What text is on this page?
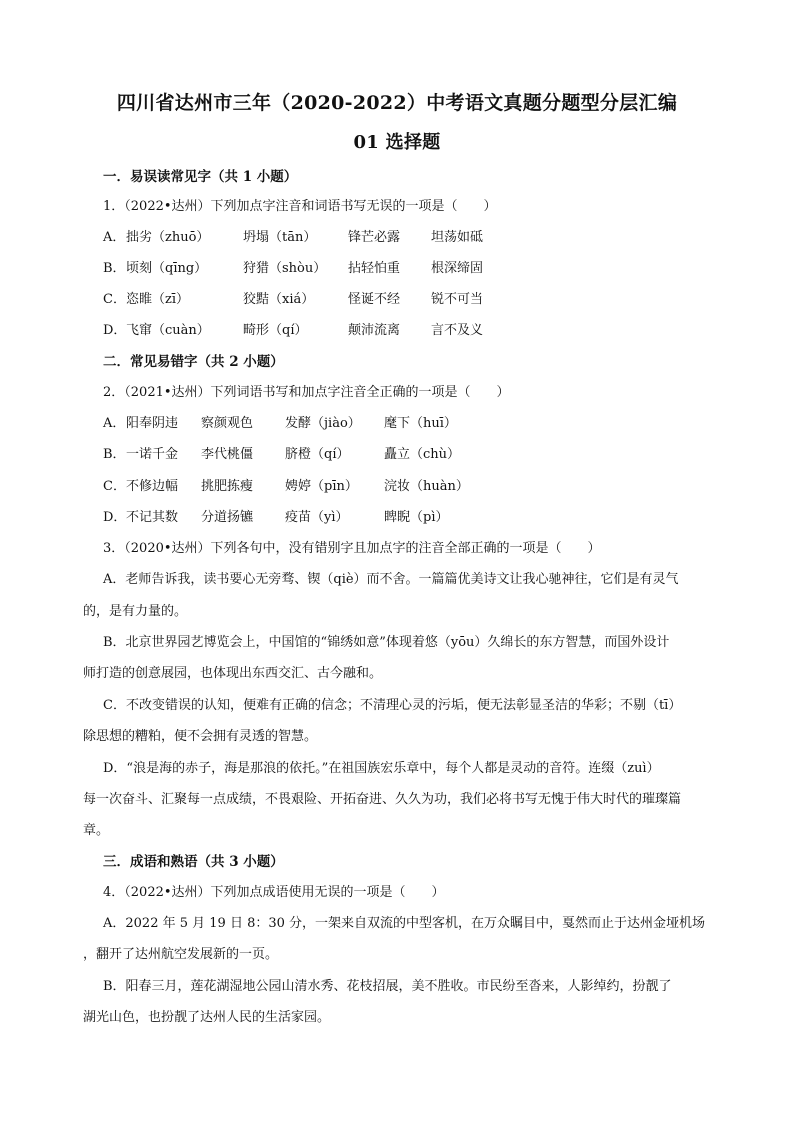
四川省达州市三年（2020-2022）中考语文真题分题型分层汇编
01 选择题
一．易误读常见字（共 1 小题）
1．（2022•达州）下列加点字注音和词语书写无误的一项是（　　）
A． 拙劣（zhuō）	坍塌（tān） 锋芒必露 坦荡如砥
B． 顷刻（qīng）	狩猎（shòu） 拈轻怕重 根深缔固
C． 恣睢（zī）	狡黠（xiá）	怪诞不经 锐不可当
D． 飞窜（cuàn）	畸形（qí）	颠沛流离 言不及义
二．常见易错字（共 2 小题）
2．（2021•达州）下列词语书写和加点字注音全正确的一项是（　　）
A． 阳奉阴违 察颜观色 发酵（jiào） 麾下（huī）
B． 一诺千金 李代桃僵 脐橙（qí）	矗立（chù）
C． 不修边幅 挑肥拣瘦 娉婷（pīn） 浣妆（huàn）
D． 不记其数 分道扬镳 疫苗（yì）	睥睨（pì）
3．（2020•达州）下列各句中，没有错别字且加点字的注音全部正确的一项是（　　）
A．老师告诉我，读书要心无旁骛、锲（qiè）而不舍。一篇篇优美诗文让我心驰神往，它们是有灵气
的，是有力量的。
B．北京世界园艺博览会上，中国馆的“锦绣如意”体现着悠（yōu）久绵长的东方智慧，而国外设计
师打造的创意展园，也体现出东西交汇、古今融和。
C．不改变错误的认知，便难有正确的信念；不清理心灵的污垢，便无法彰显圣洁的华彩；不剔（tī）
除思想的糟粕，便不会拥有灵透的智慧。
D．“浪是海的赤子，海是那浪的依托。”在祖国族宏乐章中，每个人都是灵动的音符。连缀（zuì）
每一次奋斗、汇聚每一点成绩，不畏艰险、开拓奋进、久久为功，我们必将书写无愧于伟大时代的璀璨篇
章。
三．成语和熟语（共 3 小题）
4．（2022•达州）下列加点成语使用无误的一项是（　　）
A．2022 年 5 月 19 日 8：30 分，一架来自双流的中型客机，在万众瞩目中，戛然而止于达州金垭机场
，翻开了达州航空发展新的一页。
B．阳春三月，莲花湖湿地公园山清水秀、花枝招展，美不胜收。市民纷至沓来，人影绰约，扮靓了
湖光山色，也扮靓了达州人民的生活家园。
